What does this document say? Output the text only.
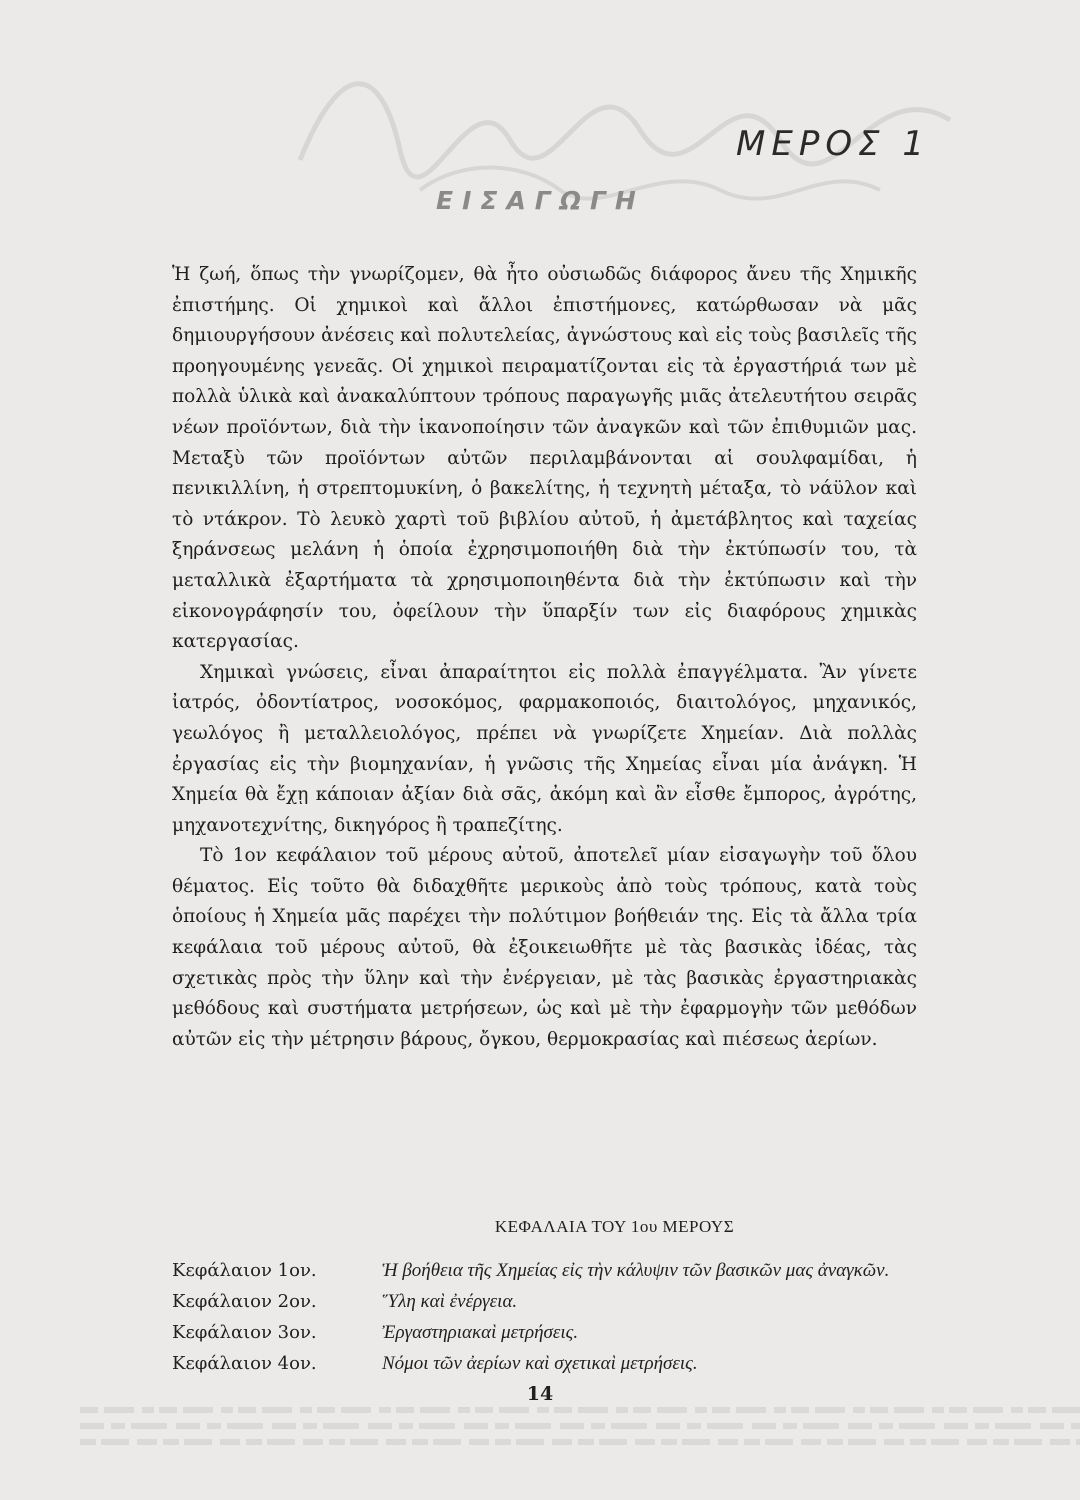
ΜΕΡΟΣ 1
ΕΙΣΑΓΩΓΗ

Ἡ ζωή, ὅπως τὴν γνωρίζομεν, θὰ ἦτο οὐσιωδῶς διάφορος ἄνευ τῆς Χημικῆς ἐπιστήμης. Οἱ χημικοὶ καὶ ἄλλοι ἐπιστήμονες, κατώρθωσαν νὰ μᾶς δημιουργήσουν ἀνέσεις καὶ πολυτελείας, ἀγνώστους καὶ εἰς τοὺς βασιλεῖς τῆς προηγουμένης γενεᾶς. Οἱ χημικοὶ πειραματίζονται εἰς τὰ ἐργαστήριά των μὲ πολλὰ ὑλικὰ καὶ ἀνακαλύπτουν τρόπους παραγωγῆς μιᾶς ἀτελευτήτου σειρᾶς νέων προϊόντων, διὰ τὴν ἱκανοποίησιν τῶν ἀναγκῶν καὶ τῶν ἐπιθυμιῶν μας. Μεταξὺ τῶν προϊόντων αὐτῶν περιλαμβάνονται αἱ σουλφαμίδαι, ἡ πενικιλλίνη, ἡ στρεπτομυκίνη, ὁ βακελίτης, ἡ τεχνητὴ μέταξα, τὸ νάϋλον καὶ τὸ ντάκρον. Τὸ λευκὸ χαρτὶ τοῦ βιβλίου αὐτοῦ, ἡ ἀμετάβλητος καὶ ταχείας ξηράνσεως μελάνη ἡ ὁποία ἐχρησιμοποιήθη διὰ τὴν ἐκτύπωσίν του, τὰ μεταλλικὰ ἐξαρτήματα τὰ χρησιμοποιηθέντα διὰ τὴν ἐκτύπωσιν καὶ τὴν εἰκονογράφησίν του, ὀφείλουν τὴν ὕπαρξίν των εἰς διαφόρους χημικὰς κατεργασίας.

Χημικαὶ γνώσεις, εἶναι ἀπαραίτητοι εἰς πολλὰ ἐπαγγέλματα. Ἂν γίνετε ἰατρός, ὀδοντίατρος, νοσοκόμος, φαρμακοποιός, διαιτολόγος, μηχανικός, γεωλόγος ἢ μεταλλειολόγος, πρέπει νὰ γνωρίζετε Χημείαν. Διὰ πολλὰς ἐργασίας εἰς τὴν βιομηχανίαν, ἡ γνῶσις τῆς Χημείας εἶναι μία ἀνάγκη. Ἡ Χημεία θὰ ἔχῃ κάποιαν ἀξίαν διὰ σᾶς, ἀκόμη καὶ ἂν εἶσθε ἔμπορος, ἀγρότης, μηχανοτεχνίτης, δικηγόρος ἢ τραπεζίτης.

Τὸ 1ον κεφάλαιον τοῦ μέρους αὐτοῦ, ἀποτελεῖ μίαν εἰσαγωγὴν τοῦ ὅλου θέματος. Εἰς τοῦτο θὰ διδαχθῆτε μερικοὺς ἀπὸ τοὺς τρόπους, κατὰ τοὺς ὁποίους ἡ Χημεία μᾶς παρέχει τὴν πολύτιμον βοήθειάν της. Εἰς τὰ ἄλλα τρία κεφάλαια τοῦ μέρους αὐτοῦ, θὰ ἐξοικειωθῆτε μὲ τὰς βασικὰς ἰδέας, τὰς σχετικὰς πρὸς τὴν ὕλην καὶ τὴν ἐνέργειαν, μὲ τὰς βασικὰς ἐργαστηριακὰς μεθόδους καὶ συστήματα μετρήσεων, ὡς καὶ μὲ τὴν ἐφαρμογὴν τῶν μεθόδων αὐτῶν εἰς τὴν μέτρησιν βάρους, ὄγκου, θερμοκρασίας καὶ πιέσεως ἀερίων.

ΚΕΦΑΛΑΙΑ ΤΟΥ 1ου ΜΕΡΟΥΣ
Κεφάλαιον 1ον.	Ἡ βοήθεια τῆς Χημείας εἰς τὴν κάλυψιν τῶν βασικῶν μας ἀναγκῶν.
Κεφάλαιον 2ον.	Ὕλη καὶ ἐνέργεια.
Κεφάλαιον 3ον.	Ἐργαστηριακαὶ μετρήσεις.
Κεφάλαιον 4ον.	Νόμοι τῶν ἀερίων καὶ σχετικαὶ μετρήσεις.
14
